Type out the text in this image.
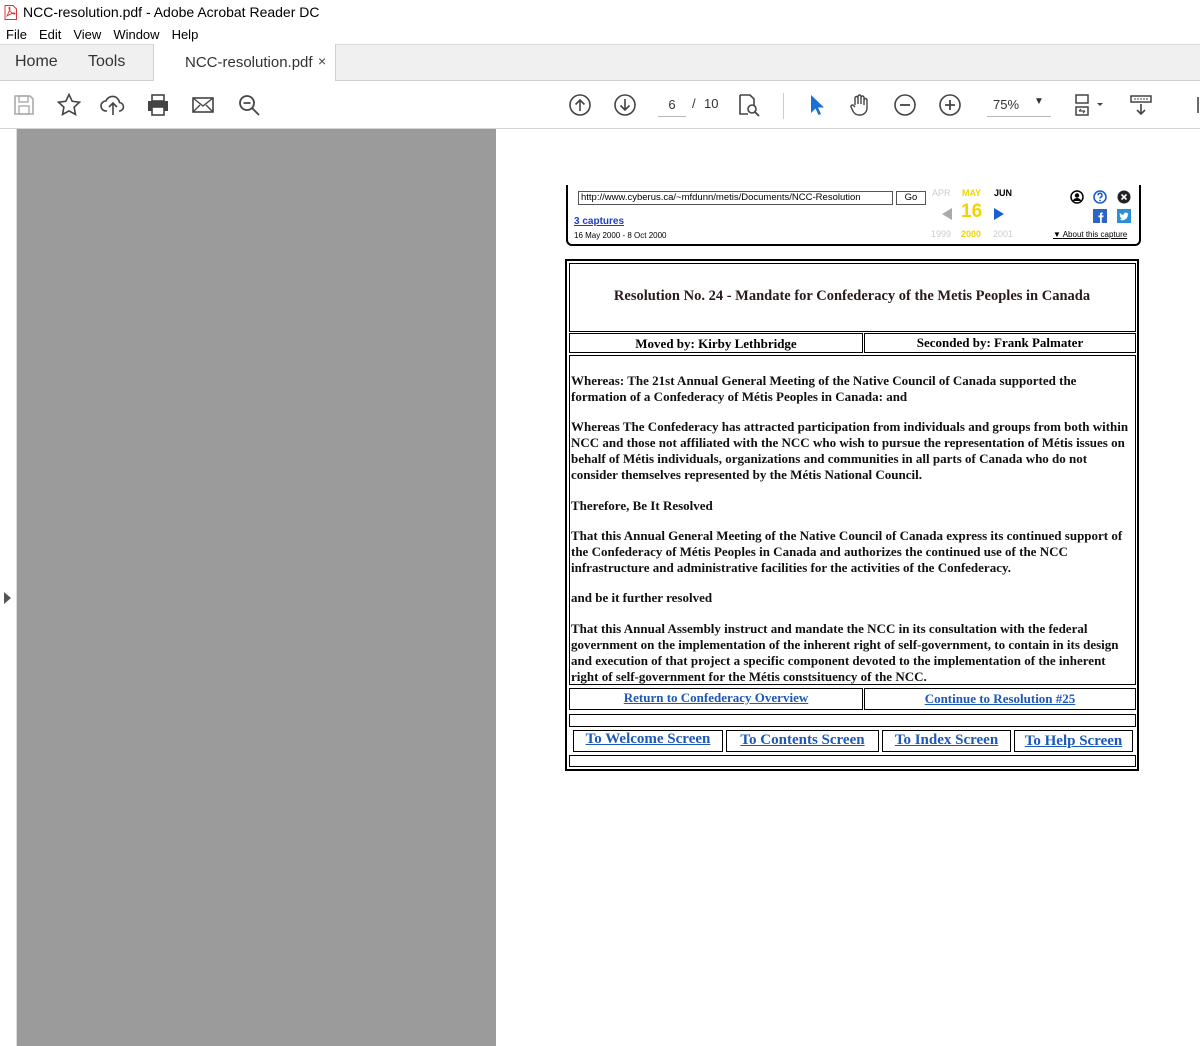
NCC-resolution.pdf - Adobe Acrobat Reader DC
File Edit View Window Help
Home Tools	NCC-resolution.pdf ×
6
/ 10	75% ▼
http://www.cyberus.ca/~mfdunn/metis/Documents/NCC-Resolution	Go
3 captures
16 May 2000 - 8 Oct 2000
APR MAY JUN
16
1999 2000 2001	▼ About this capture
Resolution No. 24 - Mandate for Confederacy of the Metis Peoples in Canada
Moved by: Kirby Lethbridge	Seconded by: Frank Palmater
Whereas: The 21st Annual General Meeting of the Native Council of Canada supported the formation of a Confederacy of Métis Peoples in Canada: and
Whereas The Confederacy has attracted participation from individuals and groups from both within NCC and those not affiliated with the NCC who wish to pursue the representation of Métis issues on behalf of Métis individuals, organizations and communities in all parts of Canada who do not consider themselves represented by the Métis National Council.
Therefore, Be It Resolved
That this Annual General Meeting of the Native Council of Canada express its continued support of the Confederacy of Métis Peoples in Canada and authorizes the continued use of the NCC infrastructure and administrative facilities for the activities of the Confederacy.
and be it further resolved
That this Annual Assembly instruct and mandate the NCC in its consultation with the federal government on the implementation of the inherent right of self-government, to contain in its design and execution of that project a specific component devoted to the implementation of the inherent right of self-government for the Métis constsituency of the NCC.
Return to Confederacy Overview	Continue to Resolution #25
To Welcome Screen	To Contents Screen	To Index Screen	To Help Screen
